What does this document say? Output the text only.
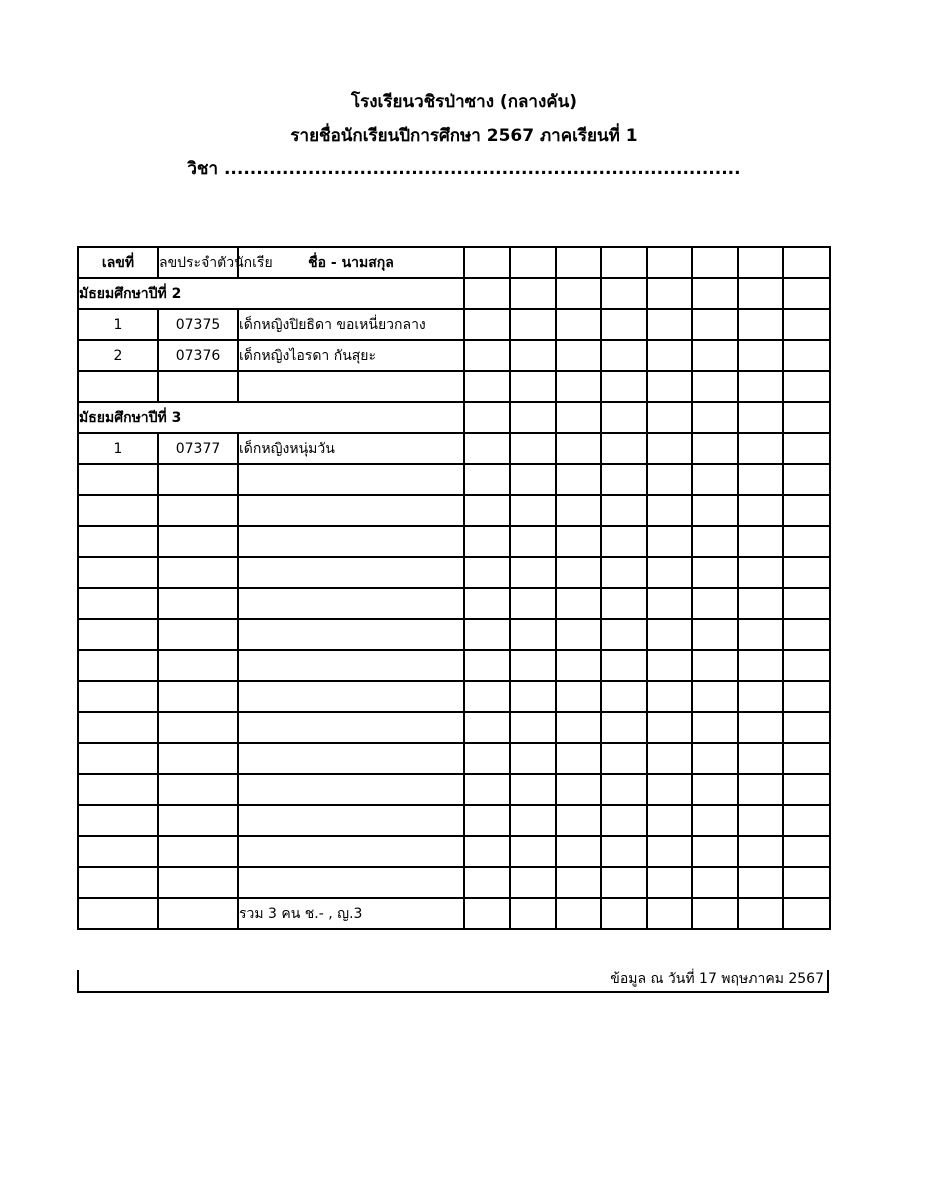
โรงเรียนวชิรป่าซาง (กลางคัน)
รายชื่อนักเรียนปีการศึกษา 2567 ภาคเรียนที่ 1
วิชา ................................................................................
เลขที่	ลขประจำตัวนักเรีย	ชื่อ - นามสกุล								
มัธยมศึกษาปีที่ 2										
1	07375	เด็กหญิงปิยธิดา ขอเหนี่ยวกลาง								
2	07376	เด็กหญิงไอรดา กันสุยะ								

มัธยมศึกษาปีที่ 3										
1	07377	เด็กหญิงหนุ่มวัน								

		รวม 3 คน ช.- , ญ.3								
ข้อมูล ณ วันที่ 17 พฤษภาคม 2567
